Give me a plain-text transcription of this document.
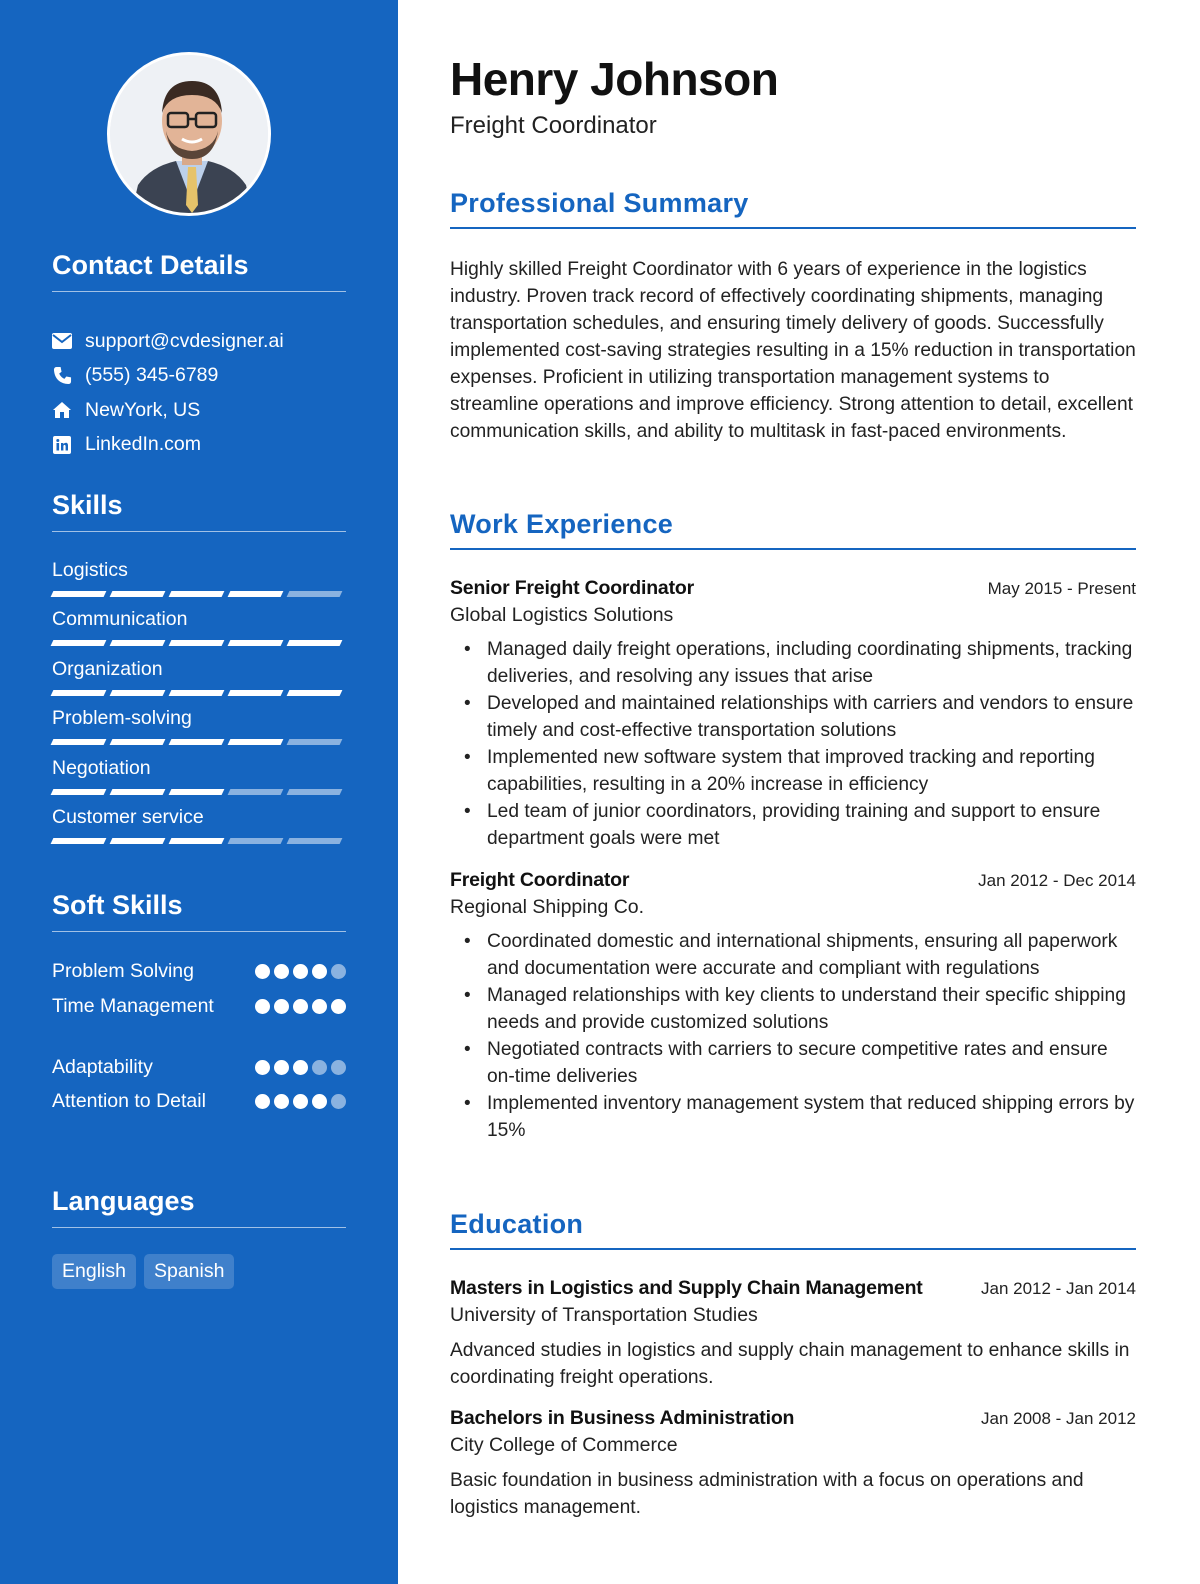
Contact Details
support@cvdesigner.ai
(555) 345-6789
NewYork, US
LinkedIn.com
Skills
Logistics
Communication
Organization
Problem-solving
Negotiation
Customer service
Soft Skills
Problem Solving
Time Management
Adaptability
Attention to Detail
Languages
English	Spanish
Henry Johnson
Freight Coordinator
Professional Summary
Highly skilled Freight Coordinator with 6 years of experience in the logistics industry. Proven track record of effectively coordinating shipments, managing transportation schedules, and ensuring timely delivery of goods. Successfully implemented cost-saving strategies resulting in a 15% reduction in transportation expenses. Proficient in utilizing transportation management systems to streamline operations and improve efficiency. Strong attention to detail, excellent communication skills, and ability to multitask in fast-paced environments.
Work Experience
Senior Freight Coordinator	May 2015 - Present
Global Logistics Solutions
• Managed daily freight operations, including coordinating shipments, tracking deliveries, and resolving any issues that arise
• Developed and maintained relationships with carriers and vendors to ensure timely and cost-effective transportation solutions
• Implemented new software system that improved tracking and reporting capabilities, resulting in a 20% increase in efficiency
• Led team of junior coordinators, providing training and support to ensure department goals were met
Freight Coordinator	Jan 2012 - Dec 2014
Regional Shipping Co.
• Coordinated domestic and international shipments, ensuring all paperwork and documentation were accurate and compliant with regulations
• Managed relationships with key clients to understand their specific shipping needs and provide customized solutions
• Negotiated contracts with carriers to secure competitive rates and ensure on-time deliveries
• Implemented inventory management system that reduced shipping errors by 15%
Education
Masters in Logistics and Supply Chain Management	Jan 2012 - Jan 2014
University of Transportation Studies
Advanced studies in logistics and supply chain management to enhance skills in coordinating freight operations.
Bachelors in Business Administration	Jan 2008 - Jan 2012
City College of Commerce
Basic foundation in business administration with a focus on operations and logistics management.
